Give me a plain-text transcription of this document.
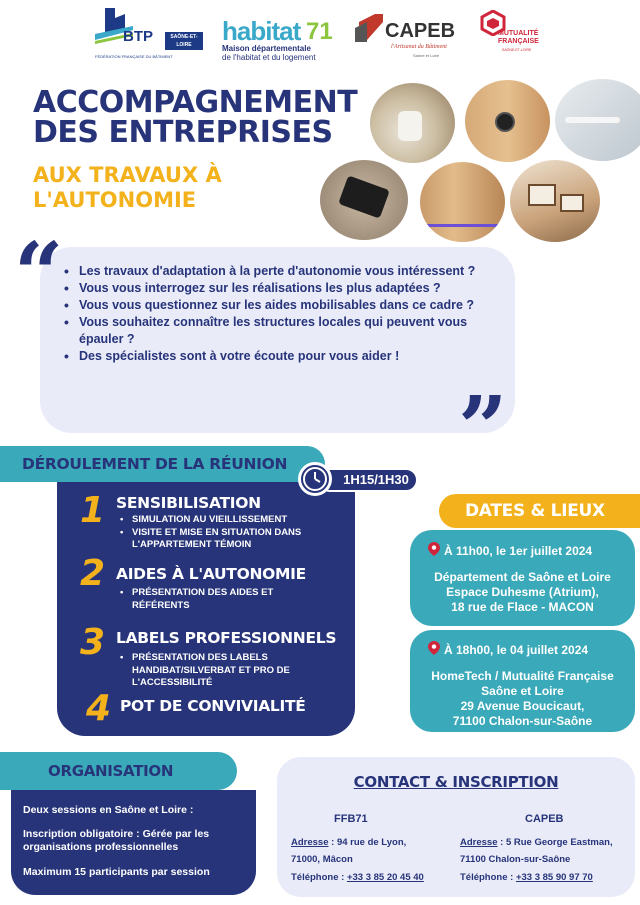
BTP	SAÔNE-ET-LOIRE
FÉDÉRATION FRANÇAISE DU BÂTIMENT
habitat 71
Maison départementale
de l'habitat et du logement
CAPEB
l'Artisanat du Bâtiment
Saône et Loire
MUTUALITÉ
FRANÇAISE
SAÔNE-ET-LOIRE
ACCOMPAGNEMENT
DES ENTREPRISES
AUX TRAVAUX À
L'AUTONOMIE
“
”
• Les travaux d'adaptation à la perte d'autonomie vous intéressent ?
• Vous vous interrogez sur les réalisations les plus adaptées ?
• Vous vous questionnez sur les aides mobilisables dans ce cadre ?
• Vous souhaitez connaître les structures locales qui peuvent vous épauler ?
• Des spécialistes sont à votre écoute pour vous aider !
DÉROULEMENT DE LA RÉUNION
1H15/1H30
1 SENSIBILISATION
• SIMULATION AU VIEILLISSEMENT
• VISITE ET MISE EN SITUATION DANS L'APPARTEMENT TÉMOIN
2 AIDES À L'AUTONOMIE
• PRÉSENTATION DES AIDES ET RÉFÉRENTS
3 LABELS PROFESSIONNELS
• PRÉSENTATION DES LABELS HANDIBAT/SILVERBAT ET PRO DE L'ACCESSIBILITÉ
4 POT DE CONVIVIALITÉ
DATES & LIEUX
À 11h00, le 1er juillet 2024
Département de Saône et Loire
Espace Duhesme (Atrium),
18 rue de Flace - MACON
À 18h00, le 04 juillet 2024
HomeTech / Mutualité Française
Saône et Loire
29 Avenue Boucicaut,
71100 Chalon-sur-Saône

Deux sessions en Saône et Loire :

Inscription obligatoire : Gérée par les organisations professionnelles

Maximum 15 participants par session

ORGANISATION
CONTACT & INSCRIPTION
FFB71
Adresse : 94 rue de Lyon,
71000, Mâcon
Téléphone : +33 3 85 20 45 40
CAPEB
Adresse : 5 Rue George Eastman,
71100 Chalon-sur-Saône
Téléphone : +33 3 85 90 97 70
